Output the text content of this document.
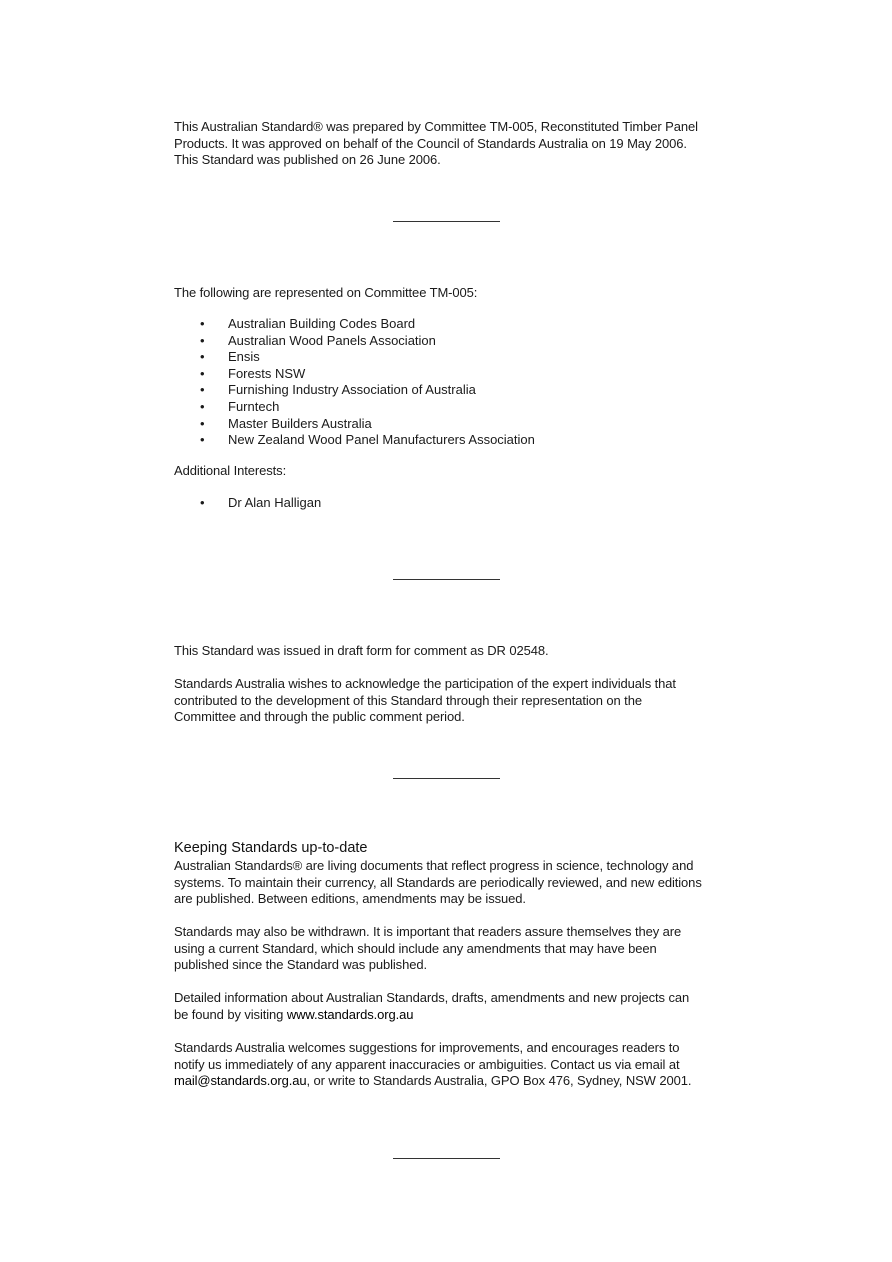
This Australian Standard® was prepared by Committee TM-005, Reconstituted Timber Panel
Products. It was approved on behalf of the Council of Standards Australia on 19 May 2006.
This Standard was published on 26 June 2006.
The following are represented on Committee TM-005:
• Australian Building Codes Board
• Australian Wood Panels Association
• Ensis
• Forests NSW
• Furnishing Industry Association of Australia
• Furntech
• Master Builders Australia
• New Zealand Wood Panel Manufacturers Association
Additional Interests:
• Dr Alan Halligan
This Standard was issued in draft form for comment as DR 02548.
Standards Australia wishes to acknowledge the participation of the expert individuals that
contributed to the development of this Standard through their representation on the
Committee and through the public comment period.
Keeping Standards up-to-date
Australian Standards® are living documents that reflect progress in science, technology and
systems. To maintain their currency, all Standards are periodically reviewed, and new editions
are published. Between editions, amendments may be issued.
Standards may also be withdrawn. It is important that readers assure themselves they are
using a current Standard, which should include any amendments that may have been
published since the Standard was published.
Detailed information about Australian Standards, drafts, amendments and new projects can
be found by visiting www.standards.org.au
Standards Australia welcomes suggestions for improvements, and encourages readers to
notify us immediately of any apparent inaccuracies or ambiguities. Contact us via email at
mail@standards.org.au, or write to Standards Australia, GPO Box 476, Sydney, NSW 2001.
